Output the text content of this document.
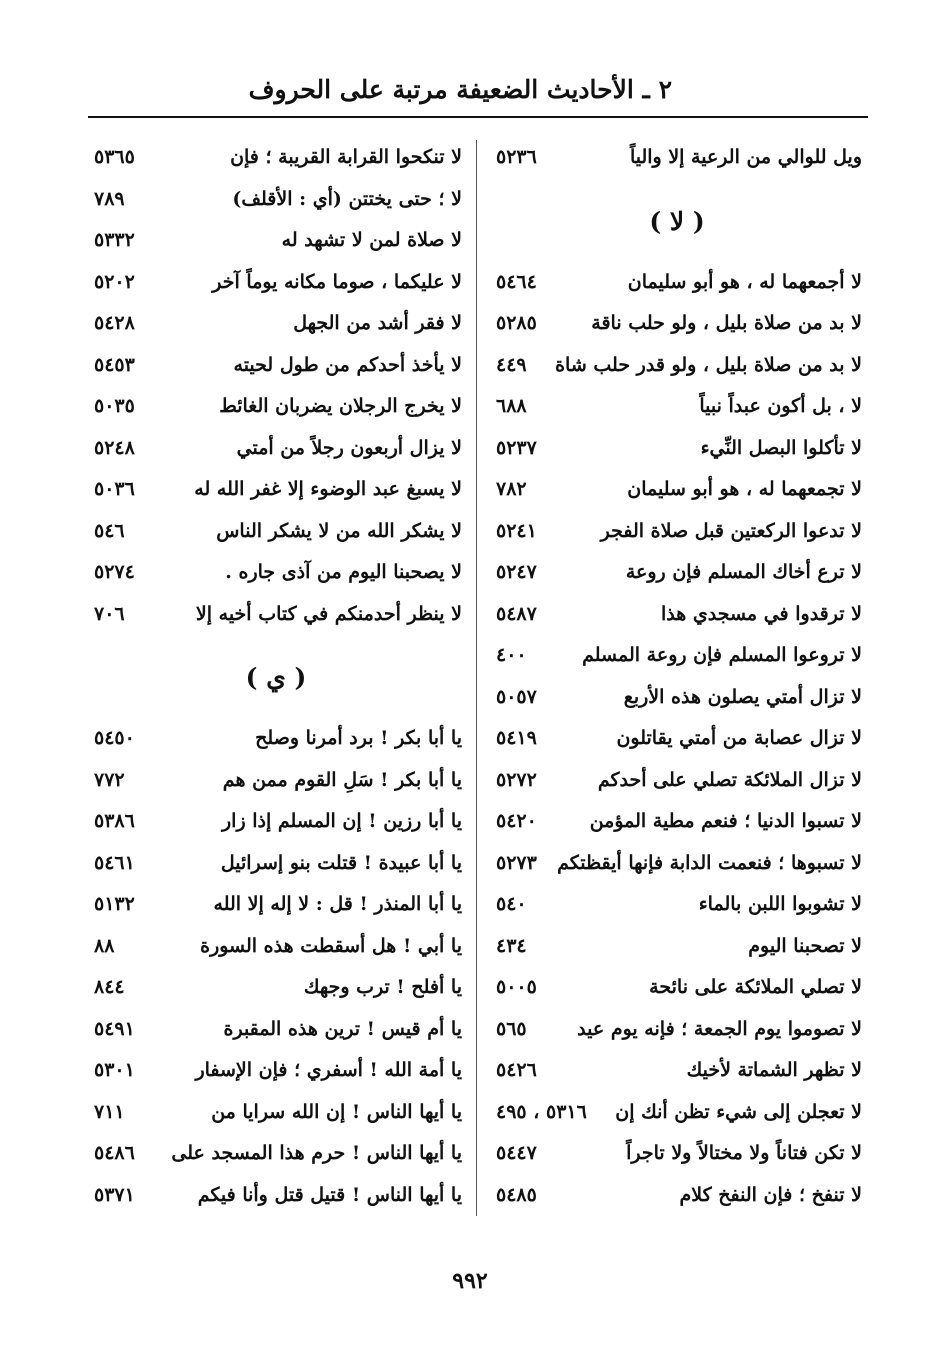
٢ ـ الأحاديث الضعيفة مرتبة على الحروف
ويل للوالي من الرعية إلا والياً
٥٢٣٦
( لا )
لا أجمعهما له ، هو أبو سليمان
٥٤٦٤
لا بد من صلاة بليل ، ولو حلب ناقة
٥٢٨٥
لا بد من صلاة بليل ، ولو قدر حلب شاة
٤٤٩
لا ، بل أكون عبداً نبياً
٦٨٨
لا تأكلوا البصل النِّيء
٥٢٣٧
لا تجمعهما له ، هو أبو سليمان
٧٨٢
لا تدعوا الركعتين قبل صلاة الفجر
٥٢٤١
لا ترع أخاك المسلم فإن روعة
٥٢٤٧
لا ترقدوا في مسجدي هذا
٥٤٨٧
لا تروعوا المسلم فإن روعة المسلم
٤٠٠
لا تزال أمتي يصلون هذه الأربع
٥٠٥٧
لا تزال عصابة من أمتي يقاتلون
٥٤١٩
لا تزال الملائكة تصلي على أحدكم
٥٢٧٢
لا تسبوا الدنيا ؛ فنعم مطية المؤمن
٥٤٢٠
لا تسبوها ؛ فنعمت الدابة فإنها أيقظتكم
٥٢٧٣
لا تشوبوا اللبن بالماء
٥٤٠
لا تصحبنا اليوم
٤٣٤
لا تصلي الملائكة على نائحة
٥٠٠٥
لا تصوموا يوم الجمعة ؛ فإنه يوم عيد
٥٦٥
لا تظهر الشماتة لأخيك
٥٤٢٦
لا تعجلن إلى شيء تظن أنك إن
٥٣١٦ ، ٤٩٥
لا تكن فتاناً ولا مختالاً ولا تاجراً
٥٤٤٧
لا تنفخ ؛ فإن النفخ كلام
٥٤٨٥
لا تنكحوا القرابة القريبة ؛ فإن
٥٣٦٥
لا ؛ حتى يختتن (أي : الأقلف)
٧٨٩
لا صلاة لمن لا تشهد له
٥٣٣٢
لا عليكما ، صوما مكانه يوماً آخر
٥٢٠٢
لا فقر أشد من الجهل
٥٤٢٨
لا يأخذ أحدكم من طول لحيته
٥٤٥٣
لا يخرج الرجلان يضربان الغائط
٥٠٣٥
لا يزال أربعون رجلاً من أمتي
٥٢٤٨
لا يسبغ عبد الوضوء إلا غفر الله له
٥٠٣٦
لا يشكر الله من لا يشكر الناس
٥٤٦
لا يصحبنا اليوم من آذى جاره .
٥٢٧٤
لا ينظر أحدمنكم في كتاب أخيه إلا
٧٠٦
( ي )
يا أبا بكر ! برد أمرنا وصلح
٥٤٥٠
يا أبا بكر ! سَلِ القوم ممن هم
٧٧٢
يا أبا رزين ! إن المسلم إذا زار
٥٣٨٦
يا أبا عبيدة ! قتلت بنو إسرائيل
٥٤٦١
يا أبا المنذر ! قل : لا إله إلا الله
٥١٣٢
يا أبي ! هل أسقطت هذه السورة
٨٨
يا أفلح ! ترب وجهك
٨٤٤
يا أم قيس ! ترين هذه المقبرة
٥٤٩١
يا أمة الله ! أسفري ؛ فإن الإسفار
٥٣٠١
يا أيها الناس ! إن الله سرايا من
٧١١
يا أيها الناس ! حرم هذا المسجد على
٥٤٨٦
يا أيها الناس ! قتيل قتل وأنا فيكم
٥٣٧١
٩٩٢
